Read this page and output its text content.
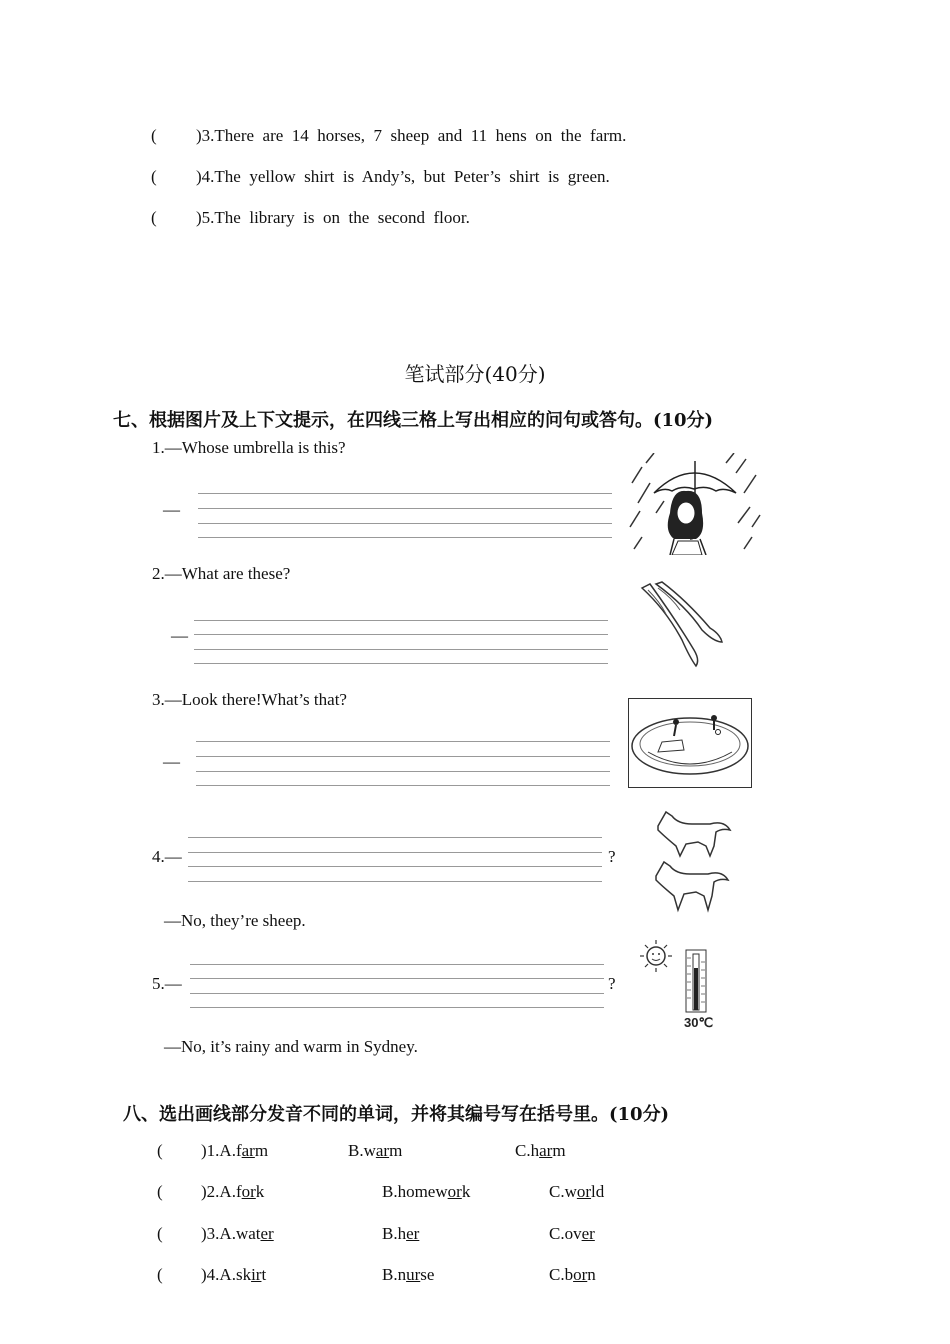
( )3.There  are  14  horses,  7  sheep  and  11  hens  on  the  farm.
( )4.The  yellow  shirt  is  Andy’s,  but  Peter’s  shirt  is  green.
( )5.The  library  is  on  the  second  floor.
笔试部分(40分)
七、根据图片及上下文提示，在四线三格上写出相应的问句或答句。(10分)
1.—Whose umbrella is this?
—
2.—What are these?
—
3.—Look there!What’s that?
—
4.—	?
—No, they’re sheep.
5.—	?
—No, it’s rainy and warm in Sydney.
30℃
八、选出画线部分发音不同的单词，并将其编号写在括号里。(10分)
( )1.A.farm	B.warm	C.harm
( )2.A.fork	B.homework	C.world
( )3.A.water	B.her	C.over
( )4.A.skirt	B.nurse	C.born
